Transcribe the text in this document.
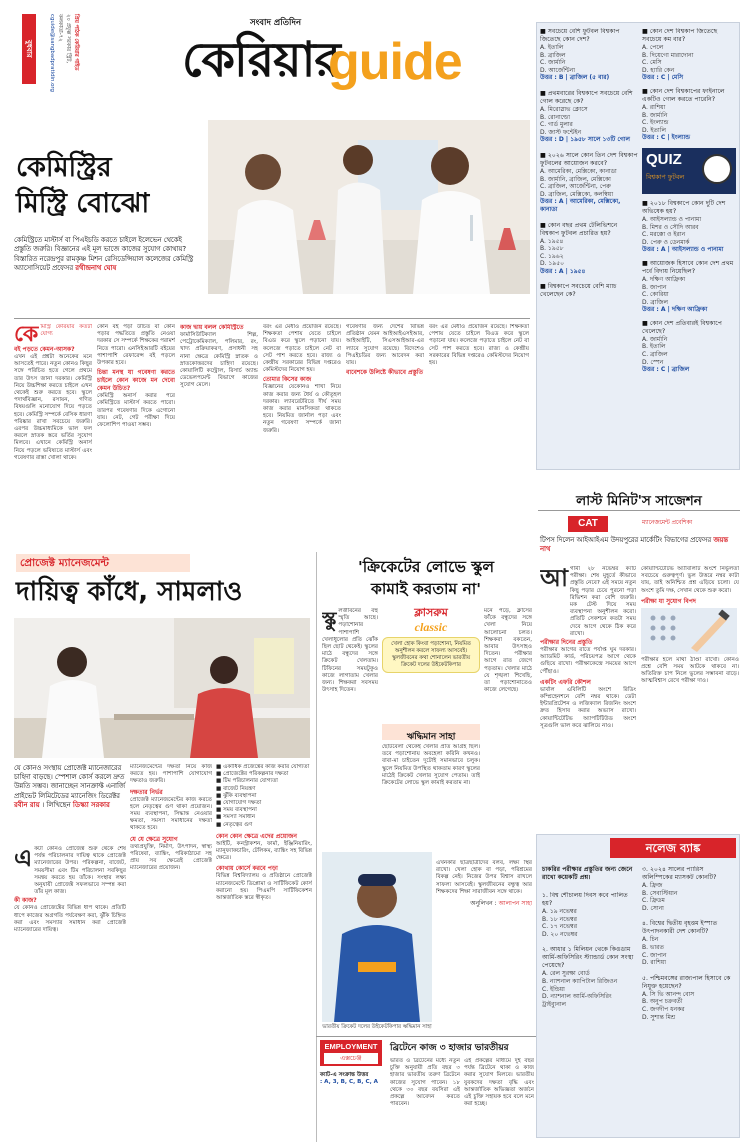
বুধবার	প্রিয় পাঠক কেরিয়ার গাইড
২০ প্রফুল্ল সরকার স্ট্রিট,
কলকাতা-৭২
cguide@sangbadpratidin.org	সংবাদ প্রতিদিন
কেরিয়ার
guide
কেমিস্ট্রির
মিস্ট্রি বোঝো
কেমিস্ট্রিতে মাস্টার্স বা পিএইচডি করতে চাইলে ইলেভেন থেকেই প্রস্তুতি জরুরি। বিজ্ঞানের এই মূল ভাজে কাজের সুযোগ কোথায়? বিস্তারিত নরেন্দ্রপুর রামকৃষ্ণ মিশন রেসিডেন্সিয়াল কলেজের কেমিস্ট্রি অ্যাসোসিয়েট প্রফেসর রথীন্দ্রনাথ ঘোষ
কে মিস্ট্রি কেরিয়ার কতটা যোগ্য
বই পড়তে কেমন-আসক?

এখন এই প্রশ্নটা অনেকের মনে আসতেই পারে। নতুন কোনও কিছুর সঙ্গে পরিচিত হতে গেলে প্রথমে তার উৎস জানা দরকার। কেমিস্ট্রি নিয়ে উচ্চশিক্ষা করতে চাইলে এখন থেকেই শুরু করতে হবে। স্কুলে পদার্থবিজ্ঞান, রসায়ন, গণিত বিষয়গুলি মনোযোগ দিয়ে পড়তে হবে। কেমিস্ট্রি সম্পর্কে বেসিক ধারণা পরিষ্কার রাখা সবচেয়ে জরুরি। এরপর উচ্চমাধ্যমিকে ভাল ফল করলে স্নাতক স্তরে ভর্তির সুযোগ মিলবে। এখানে কেমিস্ট্রি অনার্স নিয়ে পড়লে ভবিষ্যতে মাস্টার্স এবং গবেষণার রাস্তা খোলা থাকে।

কোন বই পড়া উচিত বা কোন পড়ার পদ্ধতিতে প্রস্তুতি নেওয়া দরকার সে সম্পর্কে শিক্ষকের পরামর্শ নিতে পারো। এনসিইআরটি বইয়ের পাশাপাশি রেফারেন্স বই পড়লে উপকার হবে।

চিন্তা মনস্থ যা গবেষণা করতে চাইলে কোন কাজে মন দেবো কেমন উচিত?

কেমিস্ট্রি অনার্স করার পরে কেমিস্ট্রিতে মাস্টার্স করতে পারো। তারপর গবেষণার দিকে এগোনো যায়। নেট, গেট পরীক্ষা দিয়ে ফেলোশিপ পাওয়া সম্ভব।

কাজ দ্বায় বলল কেমিস্ট্রিতে

ফার্মাসিউটিক্যাল শিল্প, পেট্রোকেমিক্যাল, পলিমার, রং, খাদ্য প্রক্রিয়াকরণ, প্রসাধনী সহ নানা ক্ষেত্রে কেমিস্ট্রি স্নাতক ও স্নাতকোত্তরদের চাহিদা রয়েছে। কোয়ালিটি কন্ট্রোল, রিসার্চ অ্যান্ড ডেভেলপমেন্ট বিভাগে কাজের সুযোগ মেলে।

বরং এর মেধাও প্রয়োজন রয়েছে। শিক্ষকতা পেশায় যেতে চাইলে বিএড করে স্কুলে পড়ানো যায়। কলেজে পড়াতে চাইলে নেট বা সেট পাশ করতে হবে। রাজ্য ও কেন্দ্রীয় সরকারের বিভিন্ন দপ্তরেও কেমিস্টদের নিয়োগ হয়।

তোমার কিসের কাজ

বিজ্ঞানের যেকোনও শাখা নিয়ে কাজ করার জন্য ধৈর্য ও কৌতূহল দরকার। ল্যাবরেটরিতে দীর্ঘ সময় কাজ করার মানসিকতা থাকতে হবে। নিয়মিত জার্নাল পড়া এবং নতুন গবেষণা সম্পর্কে জানা জরুরি।

গবেষণার জন্য দেশের বিভিন্ন প্রতিষ্ঠান যেমন আইআইএসইআর, আইআইটি, সিএসআইআর-এর ল্যাবে সুযোগ রয়েছে। বিদেশেও পিএইচডির জন্য আবেদন করা যায়।

বাবেশকে উলিষ্টে কীভাবে প্রস্তুতি

বরং এর মেধাও প্রয়োজন রয়েছে। শিক্ষকতা পেশায় যেতে চাইলে বিএড করে স্কুলে পড়ানো যায়। কলেজে পড়াতে চাইলে নেট বা সেট পাশ করতে হবে। রাজ্য ও কেন্দ্রীয় সরকারের বিভিন্ন দপ্তরেও কেমিস্টদের নিয়োগ হয়।

■ সবচেয়ে বেশি ফুটবল বিশ্বকাপ জিতেছে কোন দেশ?
A. ইতালি
B. ব্রাজিল
C. জার্মানি
D. আর্জেন্টিনা
উত্তর : B | ব্রাজিল (৫ বার)
■ প্রথমবারের বিশ্বকাপে সবচেয়ে বেশি গোল করেছে কে?
A. মিরোস্লাভ ক্লোসে
B. রোনাল্ডো
C. গার্ড মুলার
D. জাস্ট ফন্টেইন
উত্তর : D | ১৯৫৮ সালে ১৩টি গোল
■ ২০২৬ সালে কোন তিন দেশ বিশ্বকাপ ফুটবলের আয়োজন করবে?
A. আমেরিকা, মেক্সিকো, কানাডা
B. জার্মানি, ব্রাজিল, মেক্সিকো
C. ব্রাজিল, আর্জেন্টিনা, পেরু
D. ব্রাজিল, মেক্সিকো, কলম্বিয়া
উত্তর : A | আমেরিকা, মেক্সিকো, কানাডা
■ কোন বছর প্রথম টেলিভিশনে বিশ্বকাপ ফুটবল প্রচারিত হয়?
A. ১৯৫৪
B. ১৯৫৮
C. ১৯৬২
D. ১৯৫০
উত্তর : A | ১৯৫৪
■ বিশ্বকাপে সবচেয়ে বেশি ম্যাচ খেলেছেন কে?
■ কোন দেশ বিশ্বকাপ জিতেছে সবচেয়ে কম বার?
A. পেলে
B. দিয়েগো মারাদোনা
C. মেসি
D. হ্যারি কেন
উত্তর : C | মেসি
■ কোন দেশ বিশ্বকাপের ফাইনালে একটিও গোল করতে পারেনি?
A. রাশিয়া
B. জার্মানি
C. ইংল্যান্ড
D. ইতালি
উত্তর : C | ইংল্যান্ড
QUIZ
বিশ্বকাপ ফুটবল
■ ২০১৮ বিশ্বকাপে কোন দুটি দেশ অভিষেক হয়?
A. আইসল্যান্ড ও পানামা
B. মিশর ও সৌদি আরব
C. মরক্কো ও ইরান
D. পেরু ও ডেনমার্ক
উত্তর : A | আইসল্যান্ড ও পানামা
■ আয়োজক হিসাবে কোন দেশ প্রথম পর্বে বিদায় নিয়েছিল?
A. দক্ষিণ আফ্রিকা
B. জাপান
C. কোরিয়া
D. ব্রাজিল
উত্তর : A | দক্ষিণ আফ্রিকা
■ কোন দেশ প্রতিবারই বিশ্বকাপে খেলেছে?
A. জার্মানি
B. ইতালি
C. ব্রাজিল
D. স্পেন
উত্তর : C | ব্রাজিল
লাস্ট মিনিট'স সাজেশন
CAT	ম্যানেজমেন্ট প্রবেশিকা
টিপস দিলেন আইআইএম উদয়পুরের মার্কেটিং বিভাগের প্রফেসর জয়ন্ত নাথ
আ গামী ২৮ নভেম্বর ক্যাট পরীক্ষা। শেষ মুহূর্তে কীভাবে প্রস্তুতি নেবে? এই সময়ে নতুন কিছু পড়ার চেয়ে পুরনো পড়া রিভিশন করা বেশি জরুরি। মক টেস্ট দিয়ে সময় ব্যবস্থাপনা অনুশীলন করো। প্রতিটি সেকশনে কতটা সময় দেবে আগে থেকে ঠিক করে রাখো।
পরীক্ষার দিনের প্রস্তুতি

পরীক্ষার আগের রাতে পর্যাপ্ত ঘুম দরকার। অ্যাডমিট কার্ড, পরিচয়পত্র আগে থেকে গুছিয়ে রাখো। পরীক্ষাকেন্দ্রে সময়ের আগে পৌঁছাও।

একটিং এফরি কৌশল

ভার্বাল এবিলিটি অংশে রিডিং কম্প্রিহেনশনে বেশি নম্বর থাকে। ডেটা ইন্টারপ্রিটেশন ও লজিক্যাল রিজনিং অংশে দ্রুত হিসাব করার অভ্যাস রাখো। কোয়ান্টিটেটিভ অ্যাপটিটিউড অংশে সূত্রগুলি ভাল করে ঝালিয়ে নাও।

কোয়ান্টিটেটিভ অ্যাবিলিটি অংশে নির্ভুলতা সবচেয়ে গুরুত্বপূর্ণ। ভুল উত্তরে নম্বর কাটা যায়, তাই অনিশ্চিত প্রশ্ন এড়িয়ে চলো। যে অংশে তুমি দক্ষ, সেখান থেকে শুরু করো।

পরীক্ষা যা সুযোগ বিপদ

পরীক্ষার হলে মাথা ঠাণ্ডা রাখো। কোনও প্রশ্নে বেশি সময় আটকে থাকবে না। অতিরিক্ত চাপ নিলে ভুলের সম্ভাবনা বাড়ে। আত্মবিশ্বাস রেখে পরীক্ষা দাও।

প্রোজেক্ট ম্যানেজমেন্ট
দায়িত্ব কাঁধে, সামলাও
যে কোনও সংস্থায় প্রোজেক্ট ম্যানেজারের চাহিদা বাড়ছে। স্পেশাল কোর্স করলে দ্রুত উন্নতি সম্ভব। জানাচ্ছেন সানক্রাফ্ট এনার্জি প্রাইভেট লিমিটেডের ম্যানেজিং ডিরেক্টর রবীন রায় । লিখিছেন ডিস্ক্যা সরকার
এ কটা কোনও প্রোজেক্ট শুরু থেকে শেষ পর্যন্ত পরিচালনার দায়িত্ব থাকে প্রোজেক্ট ম্যানেজারের উপর। পরিকল্পনা, বাজেট, সময়সীমা এবং টিম পরিচালনা সবকিছুর সমন্বয় করতে হয় তাঁকে। সংস্থার লক্ষ্য অনুযায়ী প্রোজেক্ট সফলভাবে সম্পন্ন করা তাঁর মূল কাজ।
কী কাজ?

যে কোনও প্রোজেক্টের বিভিন্ন ধাপ থাকে। প্রতিটি ধাপে কাজের অগ্রগতি পর্যবেক্ষণ করা, ঝুঁকি চিহ্নিত করা এবং সমস্যার সমাধান করা প্রোজেক্ট ম্যানেজারের দায়িত্ব।

ম্যানেজমেন্টের দক্ষতা নিয়ে কাজ করতে হয়। পাশাপাশি যোগাযোগ দক্ষতাও জরুরি।

দক্ষতার নির্ভর

প্রোজেক্ট ম্যানেজমেন্টের কাজ করতে হলে নেতৃত্বের গুণ থাকা প্রয়োজন। সময় ব্যবস্থাপনা, সিদ্ধান্ত নেওয়ার ক্ষমতা, সমস্যা সমাধানের দক্ষতা থাকতে হবে।

যে যে ক্ষেত্রে সুযোগ

তথ্যপ্রযুক্তি, নির্মাণ, উৎপাদন, স্বাস্থ্য পরিষেবা, ব্যাঙ্কিং, পরিকাঠামো সহ প্রায় সব ক্ষেত্রেই প্রোজেক্ট ম্যানেজারের প্রয়োজন।

■ একাধিক প্রজেক্টের কাজ করার যোগ্যতা
■ প্রোজেক্টের পরিকল্পনার দক্ষতা
■ টিম পরিচালনার যোগ্যতা
■ বাজেট নিয়ন্ত্রণ
■ ঝুঁকি ব্যবস্থাপনা
■ যোগাযোগ দক্ষতা
■ সময় ব্যবস্থাপনা
■ সমস্যা সমাধান
■ নেতৃত্বের গুণ
কোন কোন ক্ষেত্রে এদের প্রয়োজন

আইটি, কনস্ট্রাকশন, ফার্মা, ইঞ্জিনিয়ারিং, ম্যানুফ্যাকচারিং, টেলিকম, ব্যাঙ্কিং সহ বিভিন্ন ক্ষেত্রে।

কোথায় কোর্সে করবে পড়া

বিভিন্ন বিশ্ববিদ্যালয় ও প্রতিষ্ঠানে প্রোজেক্ট ম্যানেজমেন্টে ডিপ্লোমা ও সার্টিফিকেট কোর্স করানো হয়। পিএমপি সার্টিফিকেশন আন্তর্জাতিক স্তরে স্বীকৃত।

'ক্রিকেটের লোভে স্কুল
কামাই করতাম না'
স্কু লজীবনের বহু স্মৃতি আছে। পড়াশোনার পাশাপাশি খেলাধুলোর প্রতি ঝোঁক ছিল ছোট থেকেই। স্কুলের মাঠে বন্ধুদের সঙ্গে ক্রিকেট খেলতাম। টিফিনের সময়টুকুও কাজে লাগাতাম খেলার জন্য। শিক্ষকরা সবসময় উৎসাহ দিতেন।
ক্লাসরুম
classic
খেলা হোক কিংবা পড়াশোনা, নিয়মিত অনুশীলন করলে সাফল্য আসবেই। স্কুলজীবনের কথা শোনালেন ভারতীয় ক্রিকেট দলের উইকেটকিপার
ঋদ্ধিমান সাহা

ছোটবেলা থেকেই খেলার প্রতি আগ্রহ ছিল। তবে পড়াশোনায় অবহেলা করিনি কখনও। বাবা-মা চাইতেন দুটোই সমানভাবে চলুক। স্কুলে নিয়মিত উপস্থিত থাকতাম কারণ স্কুলের মাঠেই ক্রিকেট খেলার সুযোগ পেতাম। তাই ক্রিকেটের লোভে স্কুল কামাই করতাম না।

মনে পড়ে, ক্লাসের ফাঁকে বন্ধুদের সঙ্গে খেলা নিয়ে আলোচনা চলত। শিক্ষকরা বকতেন, আবার উৎসাহও দিতেন। পরীক্ষার আগে রাত জেগে পড়তাম। খেলার মাঠে যে শৃঙ্খলা শিখেছি, তা পড়াশোনাতেও কাজে লেগেছে।

ভারতীয় ক্রিকেট দলের উইকেটকিপার ঋদ্ধিমান সাহা

এখনকার ছাত্রছাত্রীদের বলব, লক্ষ্য স্থির রাখো। খেলা হোক বা পড়া, পরিশ্রমের বিকল্প নেই। নিজের উপর বিশ্বাস রাখলে সাফল্য আসবেই। স্কুলজীবনের বন্ধুত্ব আর শিক্ষকদের শিক্ষা সারাজীবন সঙ্গে থাকে।

অনুলিখন : আলাপন সাহা
EMPLOYMENT
এক্সচেঞ্জ
ব্রিটেনে কাজ ৩ হাজার ভারতীয়র
ক্যাট-এ সংক্রান্ত উত্তর
: A, 3, B, C, B, C, A

ভারত ও ব্রিটেনের মধ্যে নতুন চুক্তি অনুযায়ী প্রতি বছর ৩ হাজার ভারতীয় তরুণ ব্রিটেনে কাজের সুযোগ পাবেন। ১৮ থেকে ৩০ বছর বয়সিরা এই প্রকল্পে আবেদন করতে পারবেন।

এই প্রকল্পের মাধ্যমে দুই বছর পর্যন্ত ব্রিটেনে থাকা ও কাজ করার সুযোগ মিলবে। ভারতীয় যুবকদের দক্ষতা বৃদ্ধি এবং আন্তর্জাতিক অভিজ্ঞতা অর্জনে এই চুক্তি সহায়ক হবে বলে মনে করা হচ্ছে।

নলেজ ব্যাঙ্ক
চাকরির পরীক্ষার প্রস্তুতির জন্য জেনে রাখো কয়েকটি প্রশ্ন।
১. বিশ্ব শৌচালয় দিবস কবে পালিত হয়?
A. ১৯ নভেম্বর
B. ১৮ নভেম্বর
C. ১৭ নভেম্বর
D. ২০ নভেম্বর
২. আধার ১ মিলিয়ন থেকে কিঙডাম আর্মি-অফিসিরিং স্ট্যান্ডার্ড কোন সংস্থা পেয়েছে?
A. রেল সুরক্ষা বোর্ড
B. ন্যাশনাল ক্যাপিটাল রিজিওন
C. ইন্ডিয়া
D. ন্যাশনাল আর্মি-অফিসিরিং ট্রাইব্যুনাল
৩. ২০২৪ সালের প্যারিস অলিম্পিকের ম্যাসকট কোনটি?
A. ফ্রিজ
B. সেবাস্টিয়ান
C. ফ্রিডম
D. সোনা
৪. বিশ্বের দ্বিতীয় বৃহত্তম ইস্পাত উৎপাদনকারী দেশ কোনটি?
A. চিন
B. ভারত
C. জাপান
D. রাশিয়া
৫. পশ্চিমবঙ্গের রাজ্যপাল হিসাবে কে নিযুক্ত হয়েছেন?
A. সি ভি আনন্দ বোস
B. অনুপ চক্রবর্তী
C. জগদীপ ধনকর
D. সুশান্ত মিশ্র
